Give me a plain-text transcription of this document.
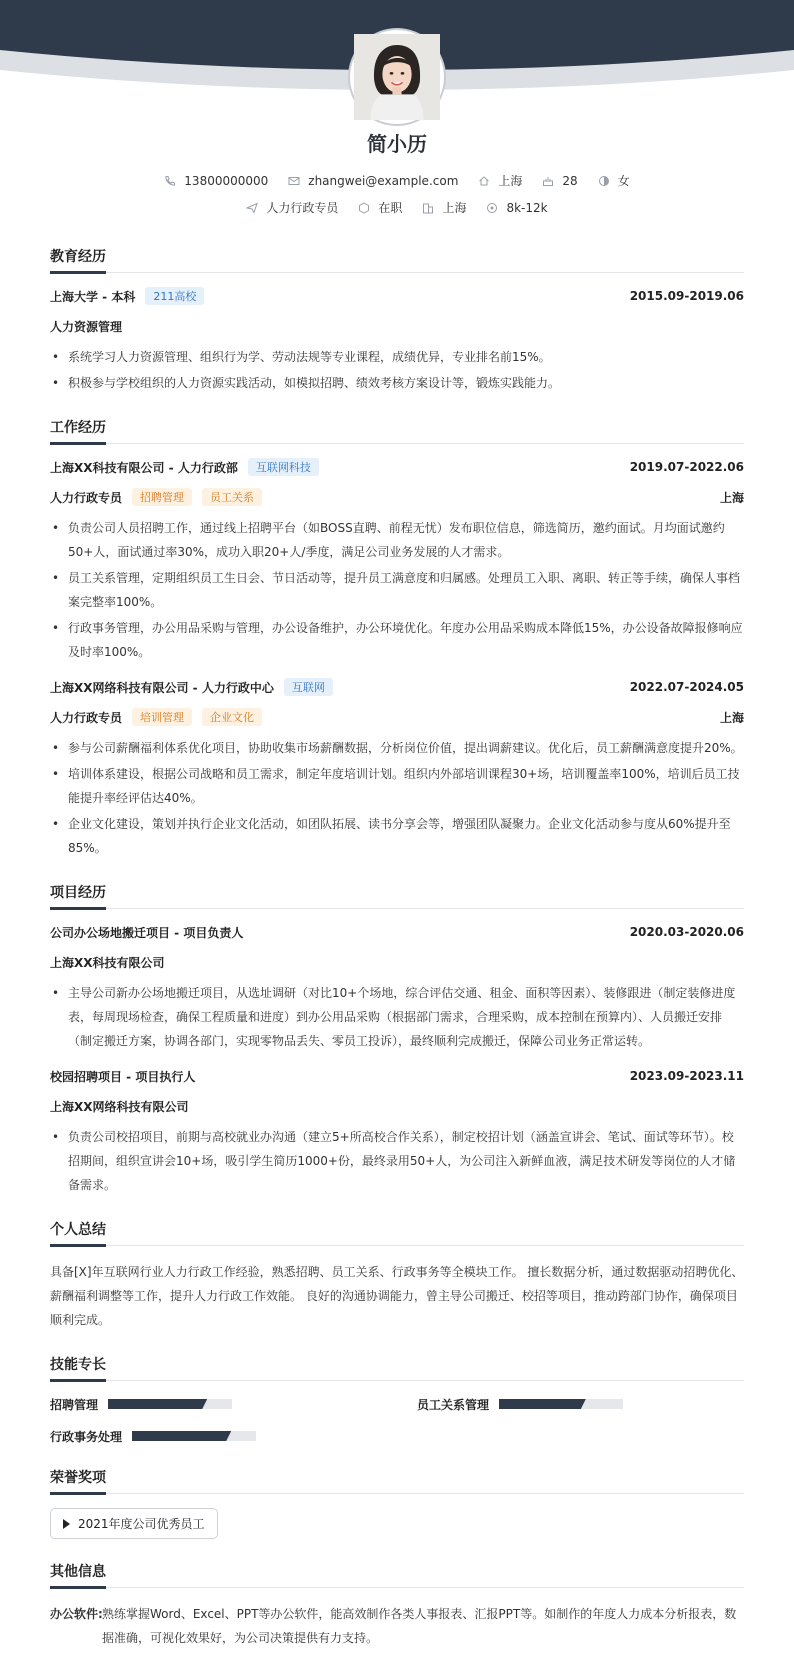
简小历
13800000000	zhangwei@example.com	上海	28	女
人力行政专员	在职	上海	8k-12k
教育经历
上海大学 - 本科	211高校	2015.09-2019.06
人力资源管理
• 系统学习人力资源管理、组织行为学、劳动法规等专业课程，成绩优异，专业排名前15%。
• 积极参与学校组织的人力资源实践活动，如模拟招聘、绩效考核方案设计等，锻炼实践能力。
工作经历
上海XX科技有限公司 - 人力行政部	互联网科技	2019.07-2022.06
人力行政专员	招聘管理	员工关系	上海
• 负责公司人员招聘工作，通过线上招聘平台（如BOSS直聘、前程无忧）发布职位信息，筛选简历，邀约面试。月均面试邀约50+人，面试通过率30%，成功入职20+人/季度，满足公司业务发展的人才需求。
• 员工关系管理，定期组织员工生日会、节日活动等，提升员工满意度和归属感。处理员工入职、离职、转正等手续，确保人事档案完整率100%。
• 行政事务管理，办公用品采购与管理，办公设备维护，办公环境优化。年度办公用品采购成本降低15%，办公设备故障报修响应及时率100%。
上海XX网络科技有限公司 - 人力行政中心	互联网	2022.07-2024.05
人力行政专员	培训管理	企业文化	上海
• 参与公司薪酬福利体系优化项目，协助收集市场薪酬数据，分析岗位价值，提出调薪建议。优化后，员工薪酬满意度提升20%。
• 培训体系建设，根据公司战略和员工需求，制定年度培训计划。组织内外部培训课程30+场，培训覆盖率100%，培训后员工技能提升率经评估达40%。
• 企业文化建设，策划并执行企业文化活动，如团队拓展、读书分享会等，增强团队凝聚力。企业文化活动参与度从60%提升至85%。
项目经历
公司办公场地搬迁项目 - 项目负责人	2020.03-2020.06
上海XX科技有限公司
• 主导公司新办公场地搬迁项目，从选址调研（对比10+个场地，综合评估交通、租金、面积等因素）、装修跟进（制定装修进度表，每周现场检查，确保工程质量和进度）到办公用品采购（根据部门需求，合理采购，成本控制在预算内）、人员搬迁安排（制定搬迁方案，协调各部门，实现零物品丢失、零员工投诉），最终顺利完成搬迁，保障公司业务正常运转。
校园招聘项目 - 项目执行人	2023.09-2023.11
上海XX网络科技有限公司
• 负责公司校招项目，前期与高校就业办沟通（建立5+所高校合作关系），制定校招计划（涵盖宣讲会、笔试、面试等环节）。校招期间，组织宣讲会10+场，吸引学生简历1000+份，最终录用50+人，为公司注入新鲜血液，满足技术研发等岗位的人才储备需求。
个人总结

具备[X]年互联网行业人力行政工作经验，熟悉招聘、员工关系、行政事务等全模块工作。 擅长数据分析，通过数据驱动招聘优化、薪酬福利调整等工作，提升人力行政工作效能。 良好的沟通协调能力，曾主导公司搬迁、校招等项目，推动跨部门协作，确保项目顺利完成。

技能专长
招聘管理	员工关系管理
行政事务处理
荣誉奖项
2021年度公司优秀员工
其他信息
办公软件: 熟练掌握Word、Excel、PPT等办公软件，能高效制作各类人事报表、汇报PPT等。如制作的年度人力成本分析报表，数据准确，可视化效果好，为公司决策提供有力支持。
